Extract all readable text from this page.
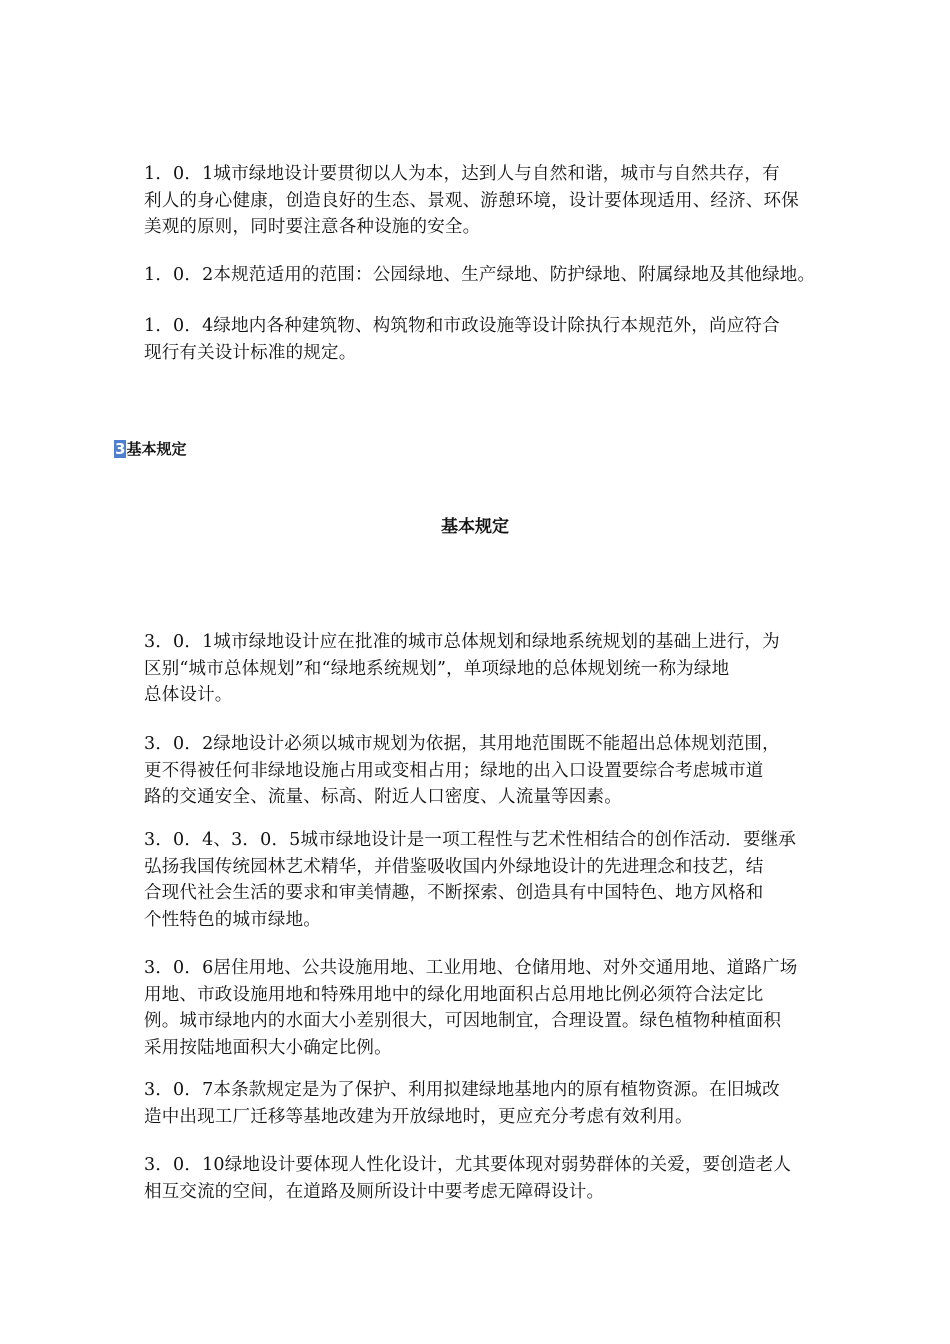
1．0．1城市绿地设计要贯彻以人为本，达到人与自然和谐，城市与自然共存，有
利人的身心健康，创造良好的生态、景观、游憩环境，设计要体现适用、经济、环保
美观的原则，同时要注意各种设施的安全。

1．0．2本规范适用的范围：公园绿地、生产绿地、防护绿地、附属绿地及其他绿地。

1．0．4绿地内各种建筑物、构筑物和市政设施等设计除执行本规范外，尚应符合
现行有关设计标准的规定。

3基本规定

基本规定

3．0．1城市绿地设计应在批准的城市总体规划和绿地系统规划的基础上进行，为
区别“城市总体规划”和“绿地系统规划”，单项绿地的总体规划统一称为绿地
总体设计。

3．0．2绿地设计必须以城市规划为依据，其用地范围既不能超出总体规划范围，
更不得被任何非绿地设施占用或变相占用；绿地的出入口设置要综合考虑城市道
路的交通安全、流量、标高、附近人口密度、人流量等因素。

3．0．4、3．0．5城市绿地设计是一项工程性与艺术性相结合的创作活动．要继承
弘扬我国传统园林艺术精华，并借鉴吸收国内外绿地设计的先进理念和技艺，结
合现代社会生活的要求和审美情趣，不断探索、创造具有中国特色、地方风格和
个性特色的城市绿地。

3．0．6居住用地、公共设施用地、工业用地、仓储用地、对外交通用地、道路广场
用地、市政设施用地和特殊用地中的绿化用地面积占总用地比例必须符合法定比
例。城市绿地内的水面大小差别很大，可因地制宜，合理设置。绿色植物种植面积
采用按陆地面积大小确定比例。

3．0．7本条款规定是为了保护、利用拟建绿地基地内的原有植物资源。在旧城改
造中出现工厂迁移等基地改建为开放绿地时，更应充分考虑有效利用。

3．0．10绿地设计要体现人性化设计，尤其要体现对弱势群体的关爱，要创造老人
相互交流的空间，在道路及厕所设计中要考虑无障碍设计。
